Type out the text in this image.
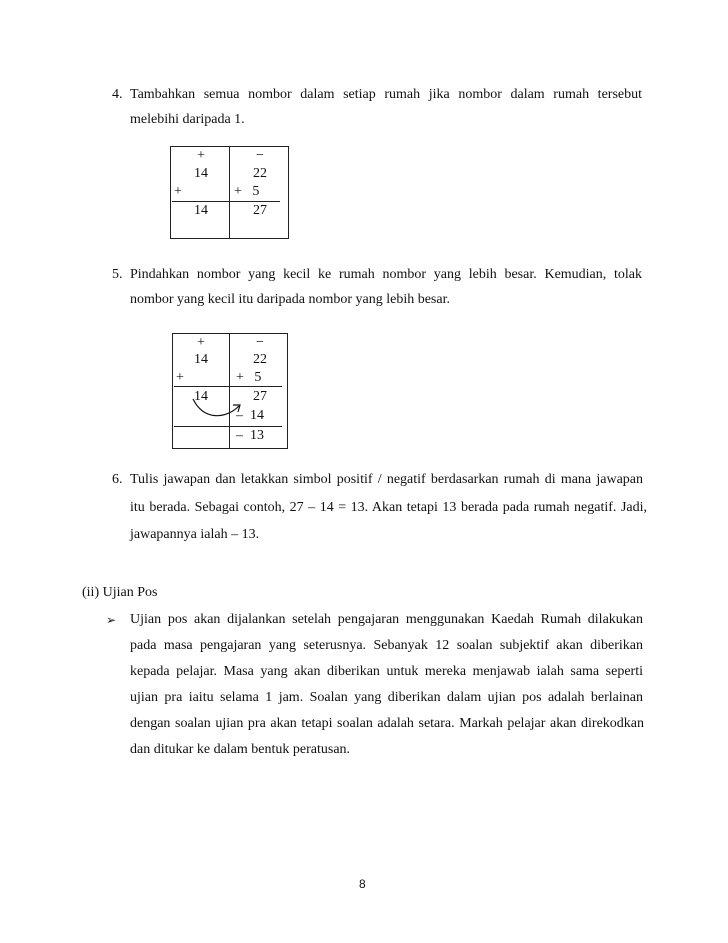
4. Tambahkan semua nombor dalam setiap rumah jika nombor dalam rumah tersebut
melebihi daripada 1.
+
14
+
14
−
22
+   5
27
5. Pindahkan nombor yang kecil ke rumah nombor yang lebih besar. Kemudian, tolak
nombor yang kecil itu daripada nombor yang lebih besar.
+
14
+
14
−
22
+   5
27
–  14
–  13
6. Tulis jawapan dan letakkan simbol positif / negatif berdasarkan rumah di mana jawapan
itu berada. Sebagai contoh, 27 – 14 = 13. Akan tetapi 13 berada pada rumah negatif. Jadi,
jawapannya ialah – 13.
(ii) Ujian Pos
➢ Ujian pos akan dijalankan setelah pengajaran menggunakan Kaedah Rumah dilakukan
pada masa pengajaran yang seterusnya. Sebanyak 12 soalan subjektif akan diberikan
kepada pelajar. Masa yang akan diberikan untuk mereka menjawab ialah sama seperti
ujian pra iaitu selama 1 jam. Soalan yang diberikan dalam ujian pos adalah berlainan
dengan soalan ujian pra akan tetapi soalan adalah setara. Markah pelajar akan direkodkan
dan ditukar ke dalam bentuk peratusan.
8
